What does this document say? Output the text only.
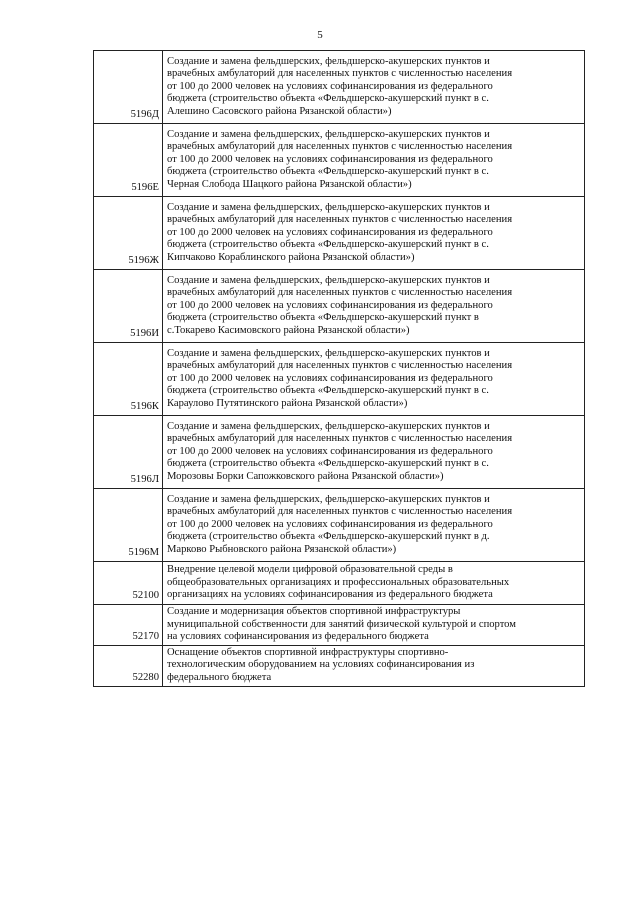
5
5196Д	Создание и замена фельдшерских, фельдшерско-акушерских пунктов и
врачебных амбулаторий для населенных пунктов с численностью населения
от 100 до 2000 человек на условиях софинансирования из федерального
бюджета (строительство объекта «Фельдшерско-акушерский пункт в с.
Алешино Сасовского района Рязанской области»)

5196Е	Создание и замена фельдшерских, фельдшерско-акушерских пунктов и
врачебных амбулаторий для населенных пунктов с численностью населения
от 100 до 2000 человек на условиях софинансирования из федерального
бюджета (строительство объекта «Фельдшерско-акушерский пункт в с.
Черная Слобода Шацкого района Рязанской области»)

5196Ж	Создание и замена фельдшерских, фельдшерско-акушерских пунктов и
врачебных амбулаторий для населенных пунктов с численностью населения
от 100 до 2000 человек на условиях софинансирования из федерального
бюджета (строительство объекта «Фельдшерско-акушерский пункт в с.
Кипчаково Кораблинского района Рязанской области»)

5196И	Создание и замена фельдшерских, фельдшерско-акушерских пунктов и
врачебных амбулаторий для населенных пунктов с численностью населения
от 100 до 2000 человек на условиях софинансирования из федерального
бюджета (строительство объекта «Фельдшерско-акушерский пункт в
с.Токарево Касимовского района Рязанской области»)

5196К	Создание и замена фельдшерских, фельдшерско-акушерских пунктов и
врачебных амбулаторий для населенных пунктов с численностью населения
от 100 до 2000 человек на условиях софинансирования из федерального
бюджета (строительство объекта «Фельдшерско-акушерский пункт в с.
Караулово Путятинского района Рязанской области»)

5196Л	Создание и замена фельдшерских, фельдшерско-акушерских пунктов и
врачебных амбулаторий для населенных пунктов с численностью населения
от 100 до 2000 человек на условиях софинансирования из федерального
бюджета (строительство объекта «Фельдшерско-акушерский пункт в с.
Морозовы Борки Сапожковского района Рязанской области»)

5196М	Создание и замена фельдшерских, фельдшерско-акушерских пунктов и
врачебных амбулаторий для населенных пунктов с численностью населения
от 100 до 2000 человек на условиях софинансирования из федерального
бюджета (строительство объекта «Фельдшерско-акушерский пункт в д.
Марково Рыбновского района Рязанской области»)

52100	Внедрение целевой модели цифровой образовательной среды в
общеобразовательных организациях и профессиональных образовательных
организациях на условиях софинансирования из федерального бюджета

52170	Создание и модернизация объектов спортивной инфраструктуры
муниципальной собственности для занятий физической культурой и спортом
на условиях софинансирования из федерального бюджета

52280	Оснащение объектов спортивной инфраструктуры спортивно-
технологическим оборудованием на условиях софинансирования из
федерального бюджета
